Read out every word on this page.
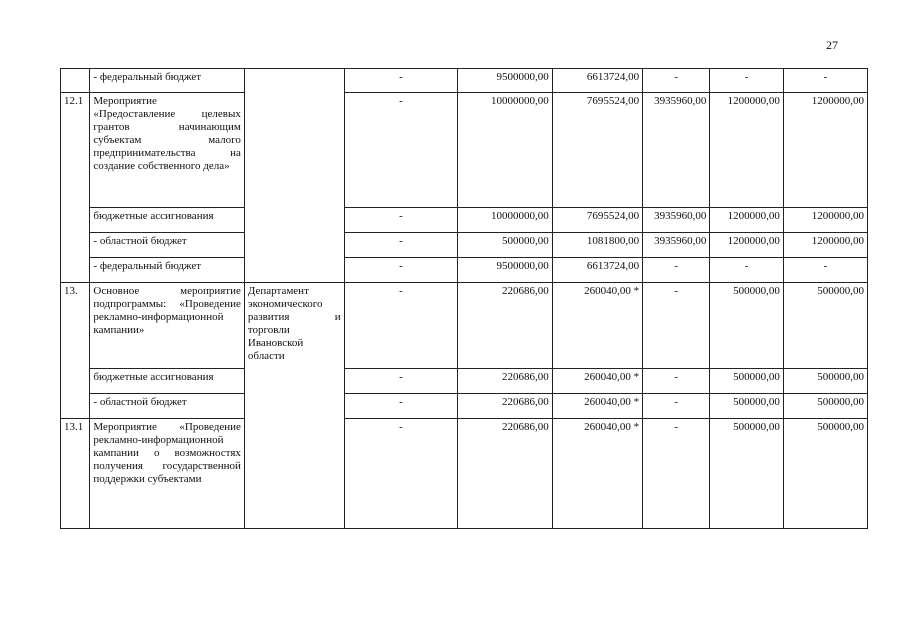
27
	- федеральный бюджет		-	9500000,00	6613724,00	-	-	-
12.1	Мероприятие «Предоставление целевых грантов начинающим субъектам малого предпринимательства на создание собственного дела»		-	10000000,00	7695524,00	3935960,00	1200000,00	1200000,00
	бюджетные ассигнования		-	10000000,00	7695524,00	3935960,00	1200000,00	1200000,00
	- областной бюджет		-	500000,00	1081800,00	3935960,00	1200000,00	1200000,00
	- федеральный бюджет		-	9500000,00	6613724,00	-	-	-
13.	Основное мероприятие подпрограммы: «Проведение рекламно-информационной кампании»	Департамент экономического развития и торговли Ивановской области	-	220686,00	260040,00 *	-	500000,00	500000,00
	бюджетные ассигнования		-	220686,00	260040,00 *	-	500000,00	500000,00
	- областной бюджет		-	220686,00	260040,00 *	-	500000,00	500000,00
13.1	Мероприятие «Проведение рекламно-информационной кампании о возможностях получения государственной поддержки субъектами		-	220686,00	260040,00 *	-	500000,00	500000,00
